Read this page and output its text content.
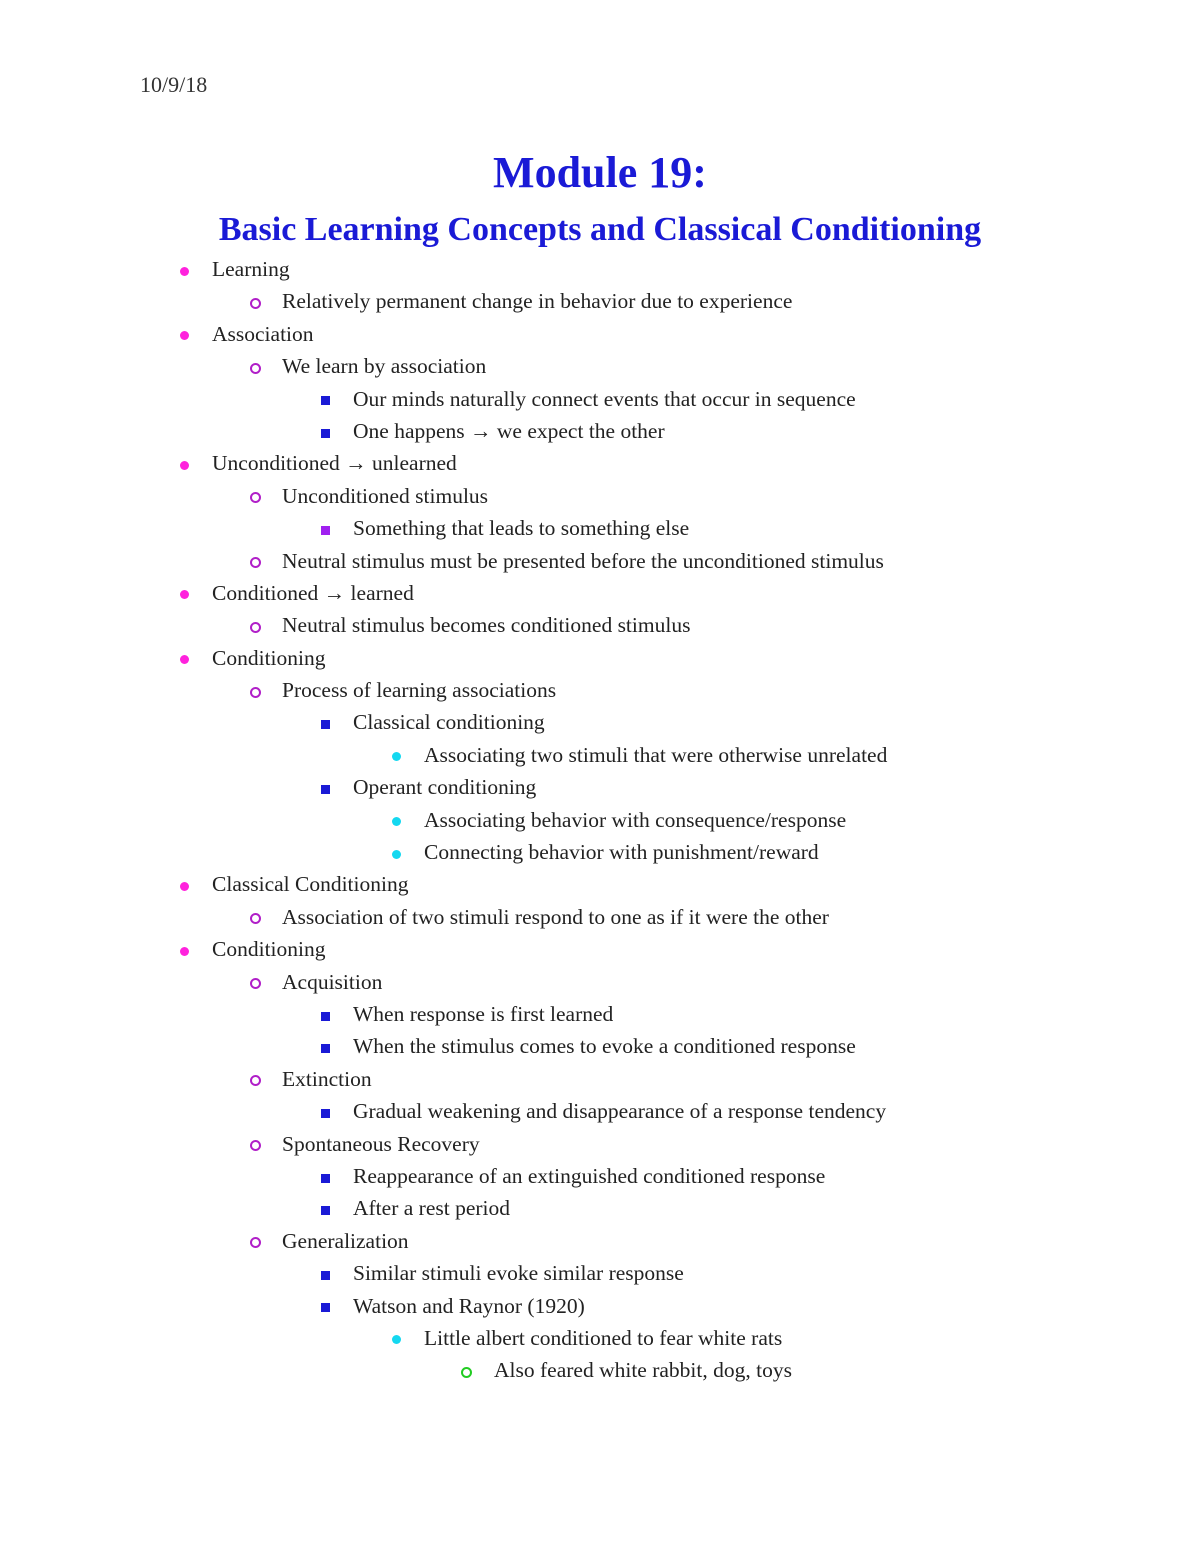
10/9/18
Module 19:
Basic Learning Concepts and Classical Conditioning
Learning
Relatively permanent change in behavior due to experience
Association
We learn by association
Our minds naturally connect events that occur in sequence
One happens → we expect the other
Unconditioned → unlearned
Unconditioned stimulus
Something that leads to something else
Neutral stimulus must be presented before the unconditioned stimulus
Conditioned → learned
Neutral stimulus becomes conditioned stimulus
Conditioning
Process of learning associations
Classical conditioning
Associating two stimuli that were otherwise unrelated
Operant conditioning
Associating behavior with consequence/response
Connecting behavior with punishment/reward
Classical Conditioning
Association of two stimuli respond to one as if it were the other
Conditioning
Acquisition
When response is first learned
When the stimulus comes to evoke a conditioned response
Extinction
Gradual weakening and disappearance of a response tendency
Spontaneous Recovery
Reappearance of an extinguished conditioned response
After a rest period
Generalization
Similar stimuli evoke similar response
Watson and Raynor (1920)
Little albert conditioned to fear white rats
Also feared white rabbit, dog, toys
